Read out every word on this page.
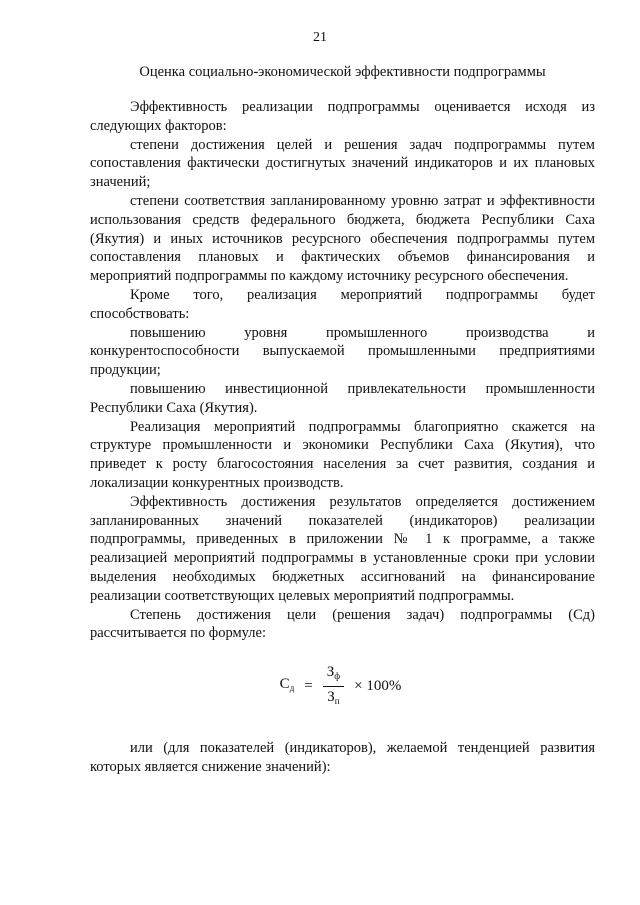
21
Оценка социально-экономической эффективности подпрограммы

Эффективность реализации подпрограммы оценивается исходя из следующих факторов:

степени достижения целей и решения задач подпрограммы путем сопоставления фактически достигнутых значений индикаторов и их плановых значений;

степени соответствия запланированному уровню затрат и эффективности использования средств федерального бюджета, бюджета Республики Саха (Якутия) и иных источников ресурсного обеспечения подпрограммы путем сопоставления плановых и фактических объемов финансирования и мероприятий подпрограммы по каждому источнику ресурсного обеспечения.

Кроме того, реализация мероприятий подпрограммы будет способствовать:

повышению уровня промышленного производства и конкурентоспособности выпускаемой промышленными предприятиями продукции;

повышению инвестиционной привлекательности промышленности Республики Саха (Якутия).

Реализация мероприятий подпрограммы благоприятно скажется на структуре промышленности и экономики Республики Саха (Якутия), что приведет к росту благосостояния населения за счет развития, создания и локализации конкурентных производств.

Эффективность достижения результатов определяется достижением запланированных значений показателей (индикаторов) реализации подпрограммы, приведенных в приложении № 1 к программе, а также реализацией мероприятий подпрограммы в установленные сроки при условии выделения необходимых бюджетных ассигнований на финансирование реализации соответствующих целевых мероприятий подпрограммы.

Степень достижения цели (решения задач) подпрограммы (Сд) рассчитывается по формуле:

$С_д = \frac{З_ф}{З_п} \times 100\%$

или (для показателей (индикаторов), желаемой тенденцией развития которых является снижение значений):
